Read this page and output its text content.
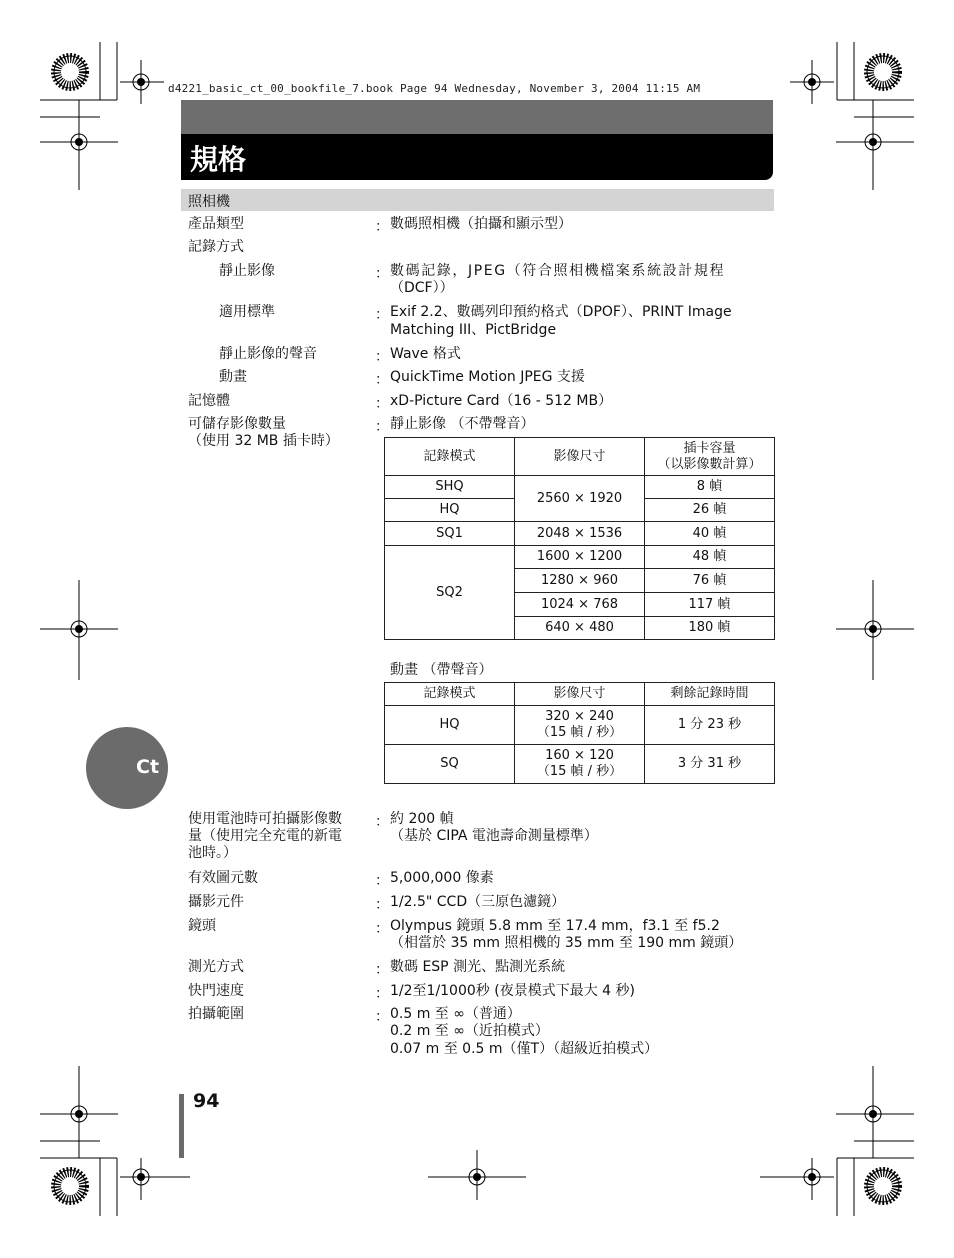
d4221_basic_ct_00_bookfile_7.book Page 94 Wednesday, November 3, 2004 11:15 AM
規格
照相機
產品類型	： 數碼照相機（拍攝和顯示型）
記錄方式
靜止影像	： 數碼記錄，JPEG（符合照相機檔案系統設計規程
（DCF））
適用標準	： Exif 2.2、數碼列印預約格式（DPOF）、PRINT Image
Matching III、PictBridge
靜止影像的聲音	： Wave 格式
動畫	： QuickTime Motion JPEG 支援
記憶體	： xD-Picture Card（16 - 512 MB）
可儲存影像數量
（使用 32 MB 插卡時）
： 靜止影像 （不帶聲音）
記錄模式	影像尺寸	插卡容量
（以影像數計算）
SHQ	2560 × 1920	8 幀
HQ		26 幀
SQ1	2048 × 1536	40 幀
SQ2	1600 × 1200	48 幀
	1280 × 960	76 幀
	1024 × 768	117 幀
	640 × 480	180 幀
動畫 （帶聲音）
記錄模式	影像尺寸	剩餘記錄時間
HQ	320 × 240
（15 幀 / 秒）	1 分 23 秒
SQ	160 × 120
（15 幀 / 秒）	3 分 31 秒
Ct
使用電池時可拍攝影像數
量（使用完全充電的新電
池時。）
： 約 200 幀
（基於 CIPA 電池壽命測量標準）
有效圖元數	： 5,000,000 像素
攝影元件	： 1/2.5" CCD（三原色濾鏡）
鏡頭	： Olympus 鏡頭 5.8 mm 至 17.4 mm，f3.1 至 f5.2
（相當於 35 mm 照相機的 35 mm 至 190 mm 鏡頭）
測光方式	： 數碼 ESP 測光、點測光系統
快門速度	： 1/2至1/1000秒 (夜景模式下最大 4 秒)
拍攝範圍	： 0.5 m 至 ∞（普通）
0.2 m 至 ∞（近拍模式）
0.07 m 至 0.5 m（僅T）（超級近拍模式）
94
